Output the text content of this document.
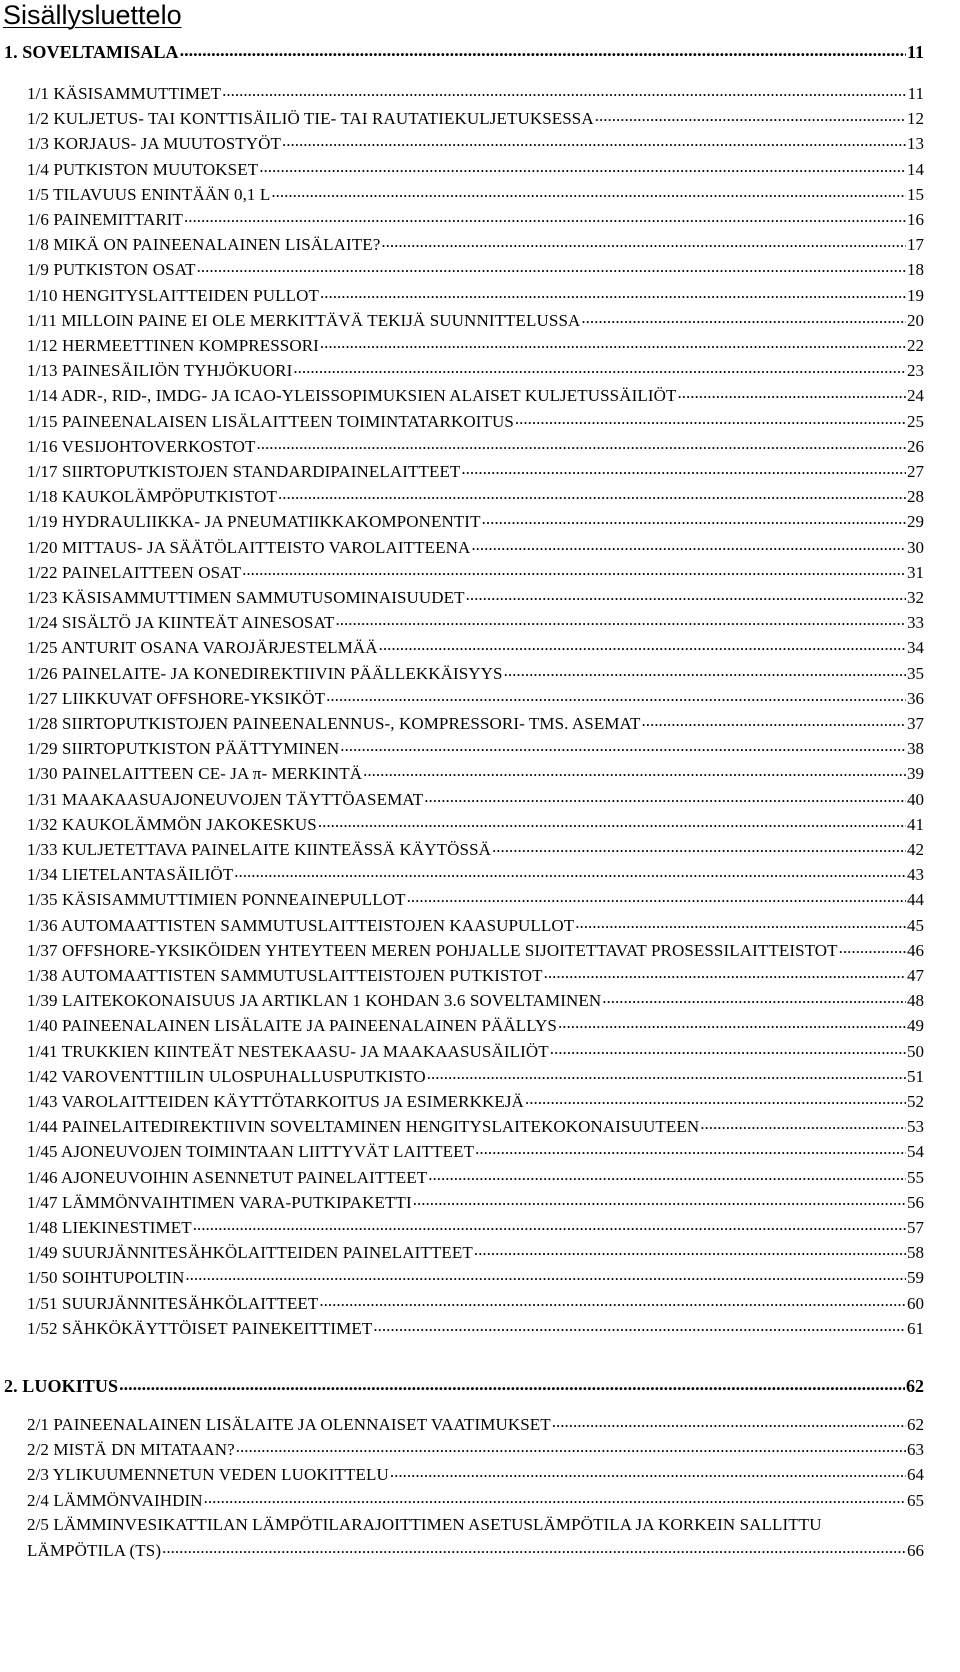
Sisällysluettelo
1. SOVELTAMISALA .....	11
1/1 KÄSISAMMUTTIMET .....	11
1/2 KULJETUS- TAI KONTTISÄILIÖ TIE- TAI RAUTATIEKULJETUKSESSA .....	12
1/3 KORJAUS- JA MUUTOSTYÖT .....	13
1/4 PUTKISTON MUUTOKSET .....	14
1/5 TILAVUUS ENINTÄÄN 0,1 L .....	15
1/6 PAINEMITTARIT .....	16
1/8 MIKÄ ON PAINEENALAINEN LISÄLAITE? .....	17
1/9 PUTKISTON OSAT .....	18
1/10 HENGITYSLAITTEIDEN PULLOT .....	19
1/11 MILLOIN PAINE EI OLE MERKITTÄVÄ TEKIJÄ SUUNNITTELUSSA .....	20
1/12 HERMEETTINEN KOMPRESSORI .....	22
1/13 PAINESÄILIÖN TYHJÖKUORI .....	23
1/14 ADR-, RID-, IMDG- JA ICAO-YLEISSOPIMUKSIEN ALAISET KULJETUSSÄILIÖT .....	24
1/15 PAINEENALAISEN LISÄLAITTEEN TOIMINTATARKOITUS .....	25
1/16 VESIJOHTOVERKOSTOT .....	26
1/17 SIIRTOPUTKISTOJEN STANDARDIPAINELAITTEET .....	27
1/18 KAUKOLÄMPÖPUTKISTOT .....	28
1/19 HYDRAULIIKKA- JA PNEUMATIIKKAKOMPONENTIT .....	29
1/20 MITTAUS- JA SÄÄTÖLAITTEISTO VAROLAITTEENA .....	30
1/22 PAINELAITTEEN OSAT .....	31
1/23 KÄSISAMMUTTIMEN SAMMUTUSOMINAISUUDET .....	32
1/24 SISÄLTÖ JA KIINTEÄT AINESOSAT .....	33
1/25 ANTURIT OSANA VAROJÄRJESTELMÄÄ .....	34
1/26 PAINELAITE- JA KONEDIREKTIIVIN PÄÄLLEKKÄISYYS .....	35
1/27 LIIKKUVAT OFFSHORE-YKSIKÖT .....	36
1/28 SIIRTOPUTKISTOJEN PAINEENALENNUS-, KOMPRESSORI- TMS. ASEMAT .....	37
1/29 SIIRTOPUTKISTON PÄÄTTYMINEN .....	38
1/30 PAINELAITTEEN CE- JA π- MERKINTÄ .....	39
1/31 MAAKAASUAJONEUVOJEN TÄYTTÖASEMAT .....	40
1/32 KAUKOLÄMMÖN JAKOKESKUS .....	41
1/33 KULJETETTAVA PAINELAITE KIINTEÄSSÄ KÄYTÖSSÄ .....	42
1/34 LIETELANTASÄILIÖT .....	43
1/35 KÄSISAMMUTTIMIEN PONNEAINEPULLOT .....	44
1/36 AUTOMAATTISTEN SAMMUTUSLAITTEISTOJEN KAASUPULLOT .....	45
1/37 OFFSHORE-YKSIKÖIDEN YHTEYTEEN MEREN POHJALLE SIJOITETTAVAT PROSESSILAITTEISTOT .....	46
1/38 AUTOMAATTISTEN SAMMUTUSLAITTEISTOJEN PUTKISTOT .....	47
1/39 LAITEKOKONAISUUS JA ARTIKLAN 1 KOHDAN 3.6 SOVELTAMINEN .....	48
1/40 PAINEENALAINEN LISÄLAITE JA PAINEENALAINEN PÄÄLLYS .....	49
1/41 TRUKKIEN KIINTEÄT NESTEKAASU- JA MAAKAASUSÄILIÖT .....	50
1/42 VAROVENTTIILIN ULOSPUHALLUSPUTKISTO .....	51
1/43 VAROLAITTEIDEN KÄYTTÖTARKOITUS JA ESIMERKKEJÄ .....	52
1/44 PAINELAITEDIREKTIIVIN SOVELTAMINEN HENGITYSLAITEKOKONAISUUTEEN .....	53
1/45 AJONEUVOJEN TOIMINTAAN LIITTYVÄT LAITTEET .....	54
1/46 AJONEUVOIHIN ASENNETUT PAINELAITTEET .....	55
1/47 LÄMMÖNVAIHTIMEN VARA-PUTKIPAKETTI .....	56
1/48 LIEKINESTIMET .....	57
1/49 SUURJÄNNITESÄHKÖLAITTEIDEN PAINELAITTEET .....	58
1/50 SOIHTUPOLTIN .....	59
1/51 SUURJÄNNITESÄHKÖLAITTEET .....	60
1/52 SÄHKÖKÄYTTÖISET PAINEKEITTIMET .....	61
2. LUOKITUS .....	62
2/1 PAINEENALAINEN LISÄLAITE JA OLENNAISET VAATIMUKSET .....	62
2/2 MISTÄ DN MITATAAN? .....	63
2/3 YLIKUUMENNETUN VEDEN LUOKITTELU .....	64
2/4 LÄMMÖNVAIHDIN .....	65
2/5 LÄMMINVESIKATTILAN LÄMPÖTILARAJOITTIMEN ASETUSLÄMPÖTILA JA KORKEIN SALLITTU
LÄMPÖTILA (TS) .....	66
